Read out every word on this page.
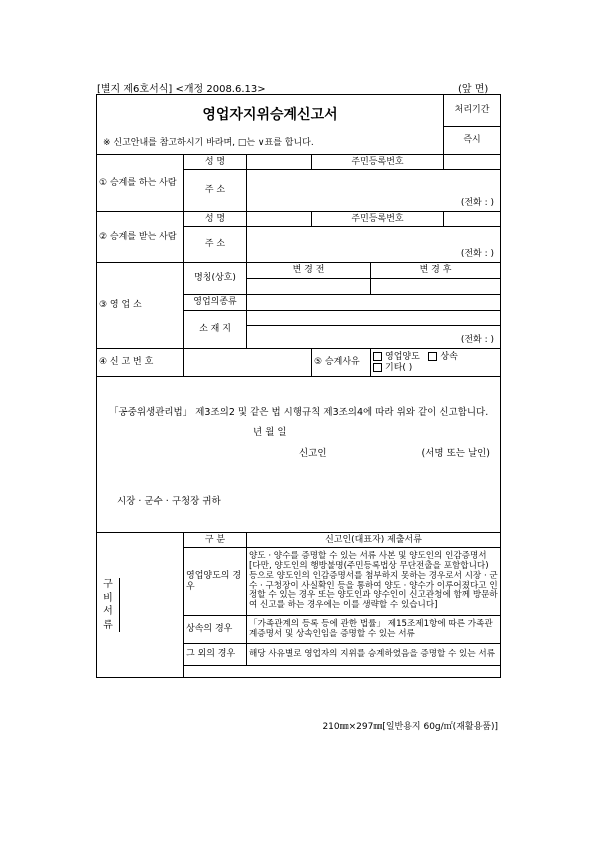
[별지 제6호서식] <개정 2008.6.13>	(앞 면)
영업자지위승계신고서					처리기간

※ 신고안내를 참고하시기 바라며, □는 ∨표를 합니다.					즉시
① 승계를 하는 사람	성 명		주민등록번호		
	주 소	(전화 : )			

② 승계를 받는 사람	성 명		주민등록번호		
	주 소	(전화 : )			

③ 영 업 소	명칭(상호)	변 경 전		변 경 후	

	영업의종류				
	소 재 지				

		(전화 : )			

④ 신 고 번 호			⑤ 승계사유	영업양도 상속
기타( )	

「공중위생관리법」 제3조의2 및 같은 법 시행규칙 제3조의4에 따라 위와 같이 신고합니다.
년 월 일
신고인 (서명 또는 날인)
시장 · 군수 · 구청장 귀하					

구비서류	구 분	신고인(대표자) 제출서류			
	영업양도의 경우	양도 · 양수를 증명할 수 있는 서류 사본 및 양도인의 인감증명서[다만, 양도인의 행방불명(주민등록법상 무단전출을 포함합니다) 등으로 양도인의 인감증명서를 첨부하지 못하는 경우로서 시장 · 군수 · 구청장이 사실확인 등을 통하여 양도 · 양수가 이루어졌다고 인정할 수 있는 경우 또는 양도인과 양수인이 신고관청에 함께 방문하여 신고를 하는 경우에는 이를 생략할 수 있습니다]			
	상속의 경우	「가족관계의 등록 등에 관한 법률」 제15조제1항에 따른 가족관계증명서 및 상속인임을 증명할 수 있는 서류			
	그 외의 경우	해당 사유별로 영업자의 지위를 승계하였음을 증명할 수 있는 서류			

210㎜×297㎜[일반용지 60g/㎡(재활용품)]
